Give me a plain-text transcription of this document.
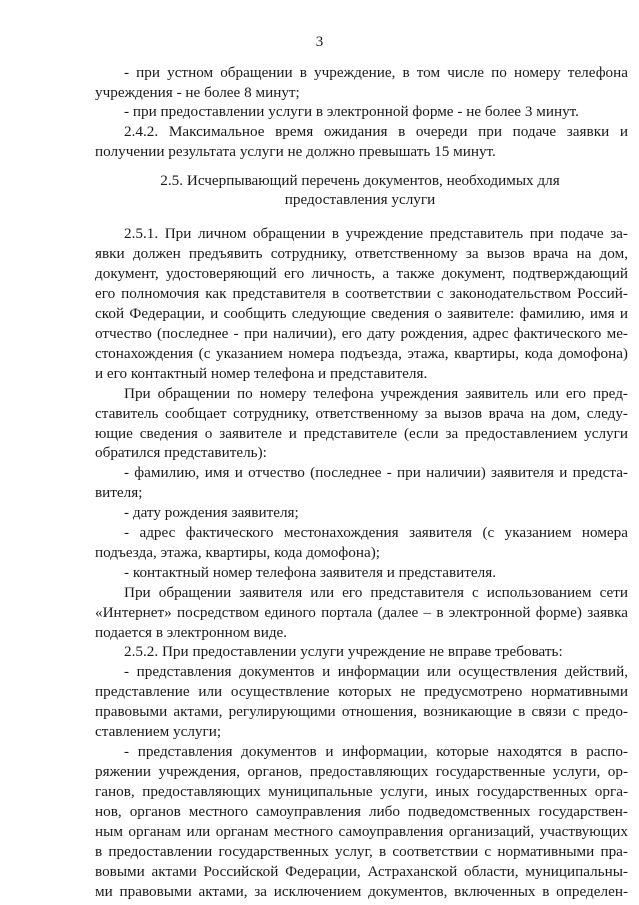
3
- при устном обращении в учреждение, в том числе по номеру телефона
учреждения - не более 8 минут;
- при предоставлении услуги в электронной форме - не более 3 минут.
2.4.2. Максимальное время ожидания в очереди при подаче заявки и
получении результата услуги не должно превышать 15 минут.
2.5. Исчерпывающий перечень документов, необходимых для
предоставления услуги
2.5.1. При личном обращении в учреждение представитель при подаче за-
явки должен предъявить сотруднику, ответственному за вызов врача на дом,
документ, удостоверяющий его личность, а также документ, подтверждающий
его полномочия как представителя в соответствии с законодательством Россий-
ской Федерации, и сообщить следующие сведения о заявителе: фамилию, имя и
отчество (последнее - при наличии), его дату рождения, адрес фактического ме-
стонахождения (с указанием номера подъезда, этажа, квартиры, кода домофона)
и его контактный номер телефона и представителя.
При обращении по номеру телефона учреждения заявитель или его пред-
ставитель сообщает сотруднику, ответственному за вызов врача на дом, следу-
ющие сведения о заявителе и представителе (если за предоставлением услуги
обратился представитель):
- фамилию, имя и отчество (последнее - при наличии) заявителя и предста-
вителя;
- дату рождения заявителя;
- адрес фактического местонахождения заявителя (с указанием номера
подъезда, этажа, квартиры, кода домофона);
- контактный номер телефона заявителя и представителя.
При обращении заявителя или его представителя с использованием сети
«Интернет» посредством единого портала (далее – в электронной форме) заявка
подается в электронном виде.
2.5.2. При предоставлении услуги учреждение не вправе требовать:
- представления документов и информации или осуществления действий,
представление или осуществление которых не предусмотрено нормативными
правовыми актами, регулирующими отношения, возникающие в связи с предо-
ставлением услуги;
- представления документов и информации, которые находятся в распо-
ряжении учреждения, органов, предоставляющих государственные услуги, ор-
ганов, предоставляющих муниципальные услуги, иных государственных орга-
нов, органов местного самоуправления либо подведомственных государствен-
ным органам или органам местного самоуправления организаций, участвующих
в предоставлении государственных услуг, в соответствии с нормативными пра-
вовыми актами Российской Федерации, Астраханской области, муниципальны-
ми правовыми актами, за исключением документов, включенных в определен-
